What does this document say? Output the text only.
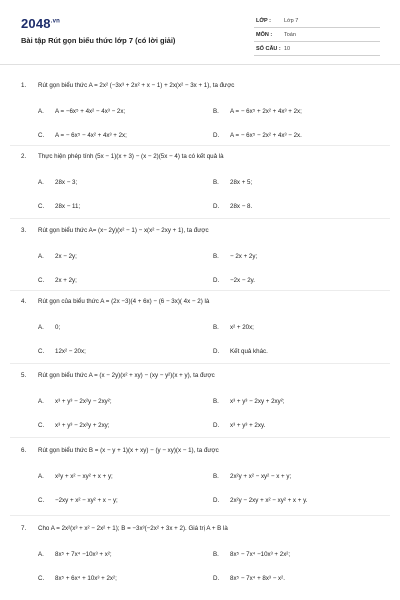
$2048^{.vn}$
Bài tập Rút gọn biểu thức lớp 7 (có lời giải)
LỚP : Lớp 7
MÔN : Toán
SỐ CÂU : 10
1. Rút gọn biểu thức A = 2x² (−3x³ + 2x² + x − 1) + 2x(x² − 3x + 1), ta được
A. A = −6x⁵ + 4x² − 4x³ − 2x;	B. A = − 6x⁵ + 2x² + 4x³ + 2x;
C. A = − 6x⁵ − 4x² + 4x³ + 2x;	D. A = − 6x⁵ − 2x² + 4x³ − 2x.
2. Thực hiện phép tính (5x − 1)(x + 3) − (x − 2)(5x − 4) ta có kết quả là
A. 28x − 3;	B. 28x + 5;
C. 28x − 11;	D. 28x − 8.
3. Rút gọn biểu thức A= (x− 2y)(x² − 1) − x(x² − 2xy + 1), ta được
A. 2x − 2y;	B. − 2x + 2y;
C. 2x + 2y;	D. −2x − 2y.
4. Rút gọn của biểu thức A = (2x −3)(4 + 6x) − (6 − 3x)( 4x − 2) là
A. 0;	B. x² + 20x;
C. 12x² − 20x;	D. Kết quả khác.
5. Rút gọn biểu thức A = (x − 2y)(x² + xy) − (xy − y²)(x + y), ta được
A. x³ + y³ − 2x²y − 2xy²;	B. x³ + y³ − 2xy + 2xy²;
C. x³ + y³ − 2x²y + 2xy;	D. x³ + y³ + 2xy.
6. Rút gọn biểu thức B = (x − y + 1)(x + xy) − (y − xy)(x − 1), ta được
A. x²y + x² − xy² + x + y;	B. 2x²y + x² − xy² − x + y;
C. −2xy + x² − xy² + x − y;	D. 2x²y − 2xy + x² − xy² + x + y.
7. Cho A = 2x²(x³ + x² − 2x² + 1); B = −3x³(−2x² + 3x + 2). Giá trị A + B là
A. 8x⁵ + 7x⁴ −10x³ + x²;	B. 8x⁵ − 7x⁴ −10x³ + 2x²;
C. 8x⁵ + 6x⁴ + 10x³ + 2x²;	D. 8x⁵ − 7x⁴ + 8x³ − x².
